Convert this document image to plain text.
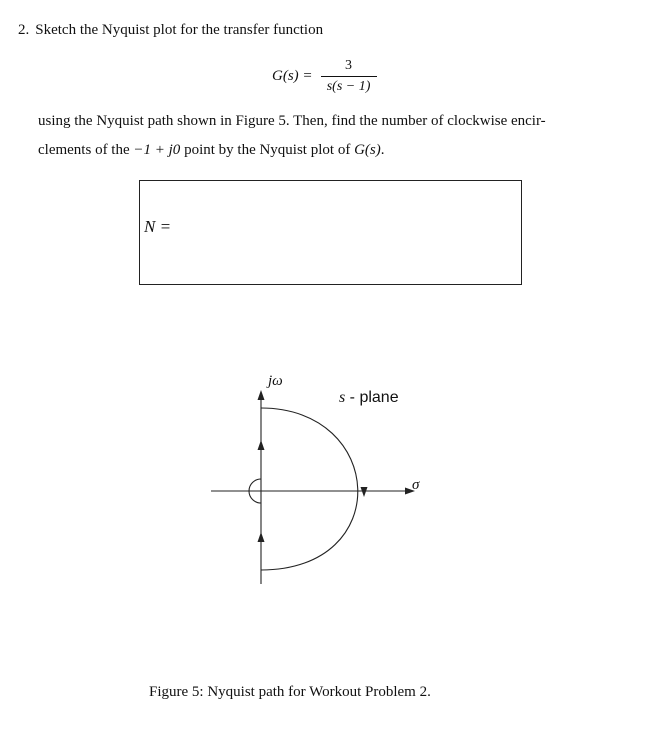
2. Sketch the Nyquist plot for the transfer function
$G(s) = \frac{3}{s(s - 1)}$
using the Nyquist path shown in Figure 5. Then, find the number of clockwise encir-
clements of the −1 + j0 point by the Nyquist plot of G(s).
N =
jω
σ
s - plane
Figure 5: Nyquist path for Workout Problem 2.
